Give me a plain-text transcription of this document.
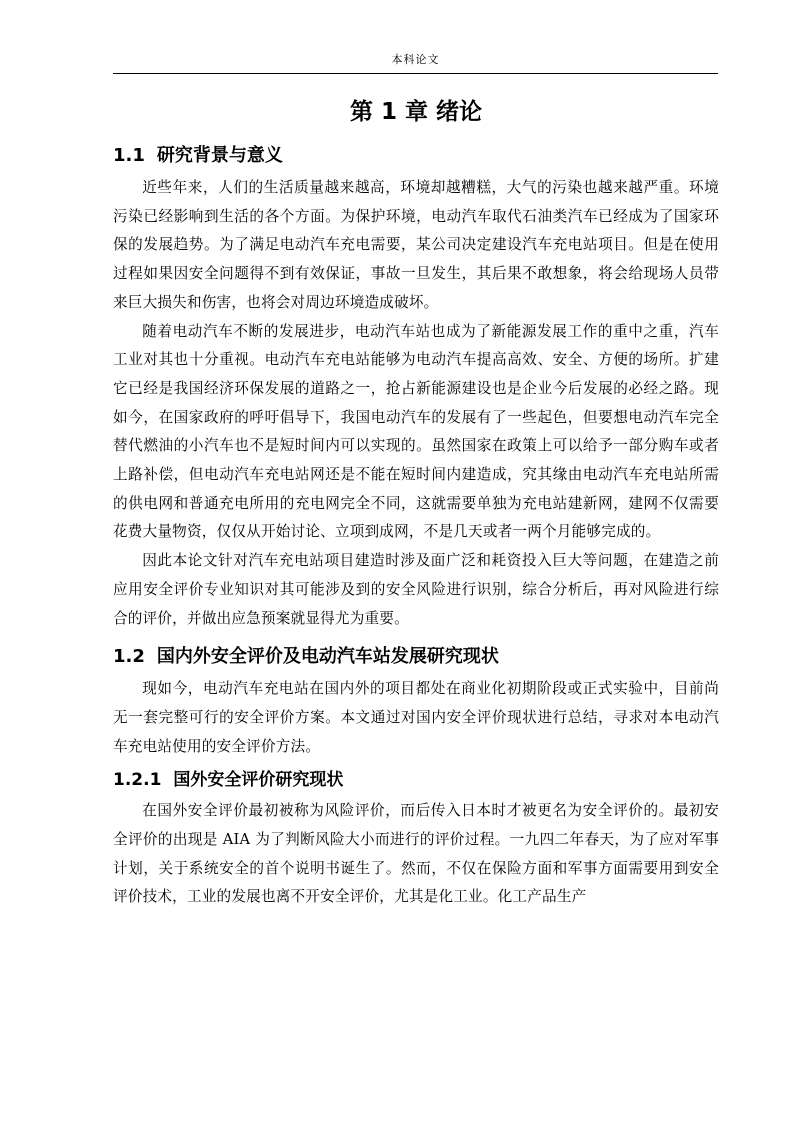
本科论文
第 1 章 绪论
1.1 研究背景与意义

近些年来，人们的生活质量越来越高，环境却越糟糕，大气的污染也越来越严重。环境污染已经影响到生活的各个方面。为保护环境，电动汽车取代石油类汽车已经成为了国家环保的发展趋势。为了满足电动汽车充电需要，某公司决定建设汽车充电站项目。但是在使用过程如果因安全问题得不到有效保证，事故一旦发生，其后果不敢想象，将会给现场人员带来巨大损失和伤害，也将会对周边环境造成破坏。

随着电动汽车不断的发展进步，电动汽车站也成为了新能源发展工作的重中之重，汽车工业对其也十分重视。电动汽车充电站能够为电动汽车提高高效、安全、方便的场所。扩建它已经是我国经济环保发展的道路之一，抢占新能源建设也是企业今后发展的必经之路。现如今，在国家政府的呼吁倡导下，我国电动汽车的发展有了一些起色，但要想电动汽车完全替代燃油的小汽车也不是短时间内可以实现的。虽然国家在政策上可以给予一部分购车或者上路补偿，但电动汽车充电站网还是不能在短时间内建造成，究其缘由电动汽车充电站所需的供电网和普通充电所用的充电网完全不同，这就需要单独为充电站建新网，建网不仅需要花费大量物资，仅仅从开始讨论、立项到成网，不是几天或者一两个月能够完成的。

因此本论文针对汽车充电站项目建造时涉及面广泛和耗资投入巨大等问题，在建造之前应用安全评价专业知识对其可能涉及到的安全风险进行识别，综合分析后，再对风险进行综合的评价，并做出应急预案就显得尤为重要。

1.2 国内外安全评价及电动汽车站发展研究现状

现如今，电动汽车充电站在国内外的项目都处在商业化初期阶段或正式实验中，目前尚无一套完整可行的安全评价方案。本文通过对国内安全评价现状进行总结，寻求对本电动汽车充电站使用的安全评价方法。

1.2.1 国外安全评价研究现状

在国外安全评价最初被称为风险评价，而后传入日本时才被更名为安全评价的。最初安全评价的出现是 AIA 为了判断风险大小而进行的评价过程。一九四二年春天，为了应对军事计划，关于系统安全的首个说明书诞生了。然而，不仅在保险方面和军事方面需要用到安全评价技术，工业的发展也离不开安全评价，尤其是化工业。化工产品生产
